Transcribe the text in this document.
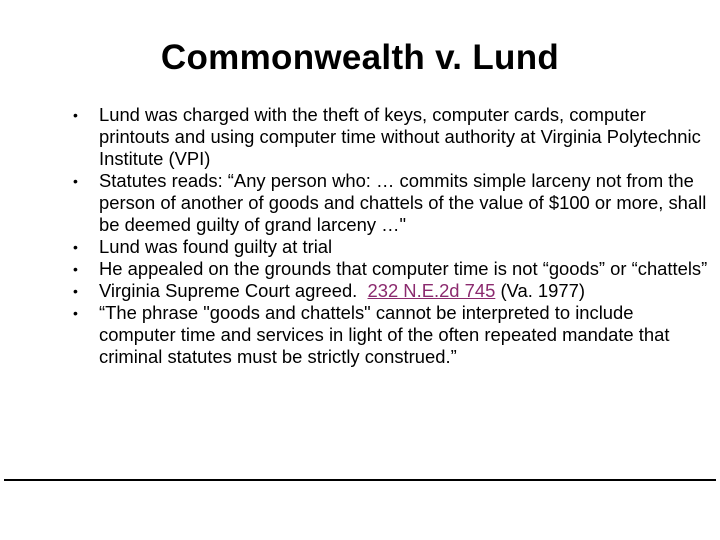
Commonwealth v. Lund
• Lund was charged with the theft of keys, computer cards, computer printouts and using computer time without authority at Virginia Polytechnic Institute (VPI)
• Statutes reads: “Any person who: … commits simple larceny not from the person of another of goods and chattels of the value of $100 or more, shall be deemed guilty of grand larceny …"
• Lund was found guilty at trial
• He appealed on the grounds that computer time is not “goods” or “chattels”
• Virginia Supreme Court agreed.  232 N.E.2d 745 (Va. 1977)
• “The phrase "goods and chattels" cannot be interpreted to include computer time and services in light of the often repeated mandate that criminal statutes must be strictly construed.”
